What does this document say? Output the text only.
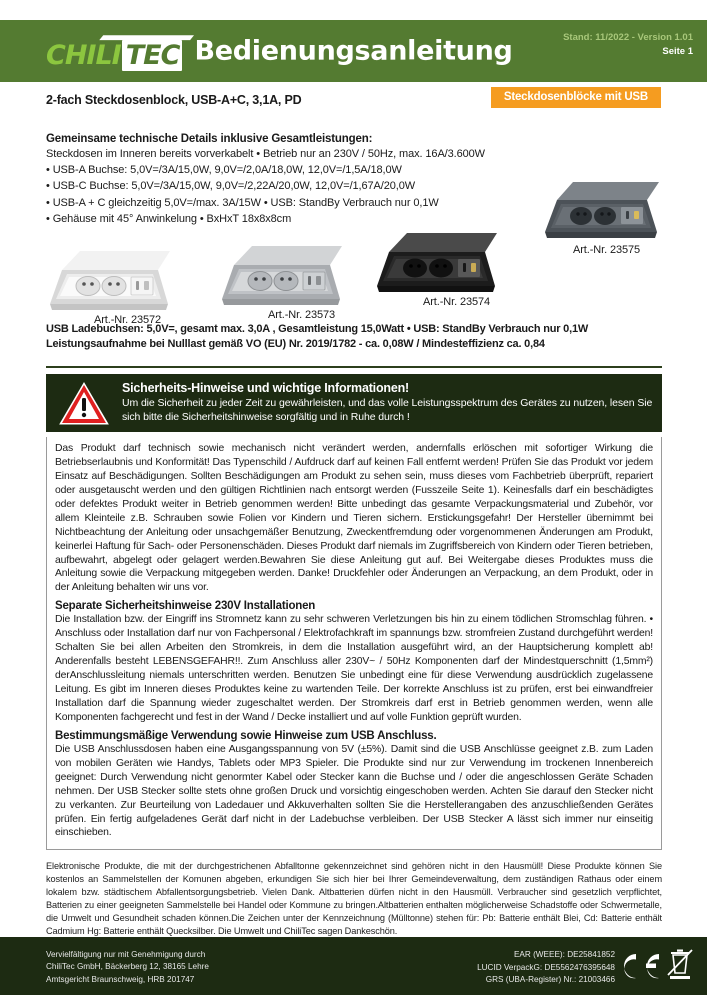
CHILI TEC Bedienungsanleitung	Stand: 11/2022 - Version 1.01
Seite 1
2-fach Steckdosenblock, USB-A+C, 3,1A, PD	Steckdosenblöcke mit USB
Gemeinsame technische Details inklusive Gesamtleistungen:

Steckdosen im Inneren bereits vorverkabelt • Betrieb nur an 230V / 50Hz, max. 16A/3.600W

• USB-A Buchse: 5,0V=/3A/15,0W, 9,0V=/2,0A/18,0W, 12,0V=/1,5A/18,0W

• USB-C Buchse: 5,0V=/3A/15,0W, 9,0V=/2,22A/20,0W, 12,0V=/1,67A/20,0W

• USB-A + C gleichzeitig 5,0V=/max. 3A/15W • USB: StandBy Verbrauch nur 0,1W

• Gehäuse mit 45° Anwinkelung • BxHxT 18x8x8cm

Art.-Nr. 23575
Art.-Nr. 23572	Art.-Nr. 23573
Art.-Nr. 23574

USB Ladebuchsen: 5,0V=, gesamt max. 3,0A , Gesamtleistung 15,0Watt • USB: StandBy Verbrauch nur 0,1W

Leistungsaufnahme bei Nulllast gemäß VO (EU) Nr. 2019/1782 - ca. 0,08W / Mindesteffizienz ca. 0,84

Sicherheits-Hinweise und wichtige Informationen!

Um die Sicherheit zu jeder Zeit zu gewährleisten, und das volle Leistungsspektrum des Gerätes zu nutzen, lesen Sie sich bitte die Sicherheitshinweise sorgfältig und in Ruhe durch !

Das Produkt darf technisch sowie mechanisch nicht verändert werden, andernfalls erlöschen mit sofortiger Wirkung die Betriebserlaubnis und Konformität! Das Typenschild / Aufdruck darf auf keinen Fall entfernt werden! Prüfen Sie das Produkt vor jedem Einsatz auf Beschädigungen. Sollten Beschädigungen am Produkt zu sehen sein, muss dieses vom Fachbetrieb überprüft, repariert oder ausgetauscht werden und den gültigen Richtlinien nach entsorgt werden (Fusszeile Seite 1). Keinesfalls darf ein beschädigtes oder defektes Produkt weiter in Betrieb genommen werden! Bitte unbedingt das gesamte Verpackungsmaterial und Zubehör, vor allem Kleinteile z.B. Schrauben sowie Folien vor Kindern und Tieren sichern. Erstickungsgefahr! Der Hersteller übernimmt bei Nichtbeachtung der Anleitung oder unsachgemäßer Benutzung, Zweckentfremdung oder vorgenommenen Änderungen am Produkt, keinerlei Haftung für Sach- oder Personenschäden. Dieses Produkt darf niemals im Zugriffsbereich von Kindern oder Tieren betrieben, aufbewahrt, abgelegt oder gelagert werden.Bewahren Sie diese Anleitung gut auf. Bei Weitergabe dieses Produktes muss die Anleitung sowie die Verpackung mitgegeben werden. Danke! Druckfehler oder Änderungen an Verpackung, an dem Produkt, oder in der Anleitung behalten wir uns vor.

Separate Sicherheitshinweise 230V Installationen

Die Installation bzw. der Eingriff ins Stromnetz kann zu sehr schweren Verletzungen bis hin zu einem tödlichen Stromschlag führen. • Anschluss oder Installation darf nur von Fachpersonal / Elektrofachkraft im spannungs bzw. stromfreien Zustand durchgeführt werden! Schalten Sie bei allen Arbeiten den Stromkreis, in dem die Installation ausgeführt wird, an der Hauptsicherung komplett ab! Anderenfalls besteht LEBENSGEFAHR!!. Zum Anschluss aller 230V~ / 50Hz Komponenten darf der Mindestquerschnitt (1,5mm²) derAnschlussleitung niemals unterschritten werden. Benutzen Sie unbedingt eine für diese Verwendung ausdrücklich zugelassene Leitung. Es gibt im Inneren dieses Produktes keine zu wartenden Teile. Der korrekte Anschluss ist zu prüfen, erst bei einwandfreier Installation darf die Spannung wieder zugeschaltet werden. Der Stromkreis darf erst in Betrieb genommen werden, wenn alle Komponenten fachgerecht und fest in der Wand / Decke installiert und auf volle Funktion geprüft wurden.

Bestimmungsmäßige Verwendung sowie Hinweise zum USB Anschluss.

Die USB Anschlussdosen haben eine Ausgangsspannung von 5V (±5%). Damit sind die USB Anschlüsse geeignet z.B. zum Laden von mobilen Geräten wie Handys, Tablets oder MP3 Spieler. Die Produkte sind nur zur Verwendung im trockenen Innenbereich geeignet: Durch Verwendung nicht genormter Kabel oder Stecker kann die Buchse und / oder die angeschlossen Geräte Schaden nehmen. Der USB Stecker sollte stets ohne großen Druck und vorsichtig eingeschoben werden. Achten Sie darauf den Stecker nicht zu verkanten. Zur Beurteilung von Ladedauer und Akkuverhalten sollten Sie die Herstellerangaben des anzuschließenden Gerätes prüfen. Ein fertig aufgeladenes Gerät darf nicht in der Ladebuchse verbleiben. Der USB Stecker A lässt sich immer nur einseitig einschieben.

Elektronische Produkte, die mit der durchgestrichenen Abfalltonne gekennzeichnet sind gehören nicht in den Hausmüll! Diese Produkte können Sie kostenlos an Sammelstellen der Komunen abgeben, erkundigen Sie sich hier bei Ihrer Gemeindeverwaltung, dem zuständigen Rathaus oder einem lokalem bzw. städtischem Abfallentsorgungsbetrieb. Vielen Dank. Altbatterien dürfen nicht in den Hausmüll. Verbraucher sind gesetzlich verpflichtet, Batterien zu einer geeigneten Sammelstelle bei Handel oder Kommune zu bringen.Altbatterien enthalten möglicherweise Schadstoffe oder Schwermetalle, die Umwelt und Gesundheit schaden können.Die Zeichen unter der Kennzeichnung (Mülltonne) stehen für: Pb: Batterie enthält Blei, Cd: Batterie enthält Cadmium Hg: Batterie enthält Quecksilber. Die Umwelt und ChiliTec sagen Dankeschön.

Vervielfältigung nur mit Genehmigung durch
ChiliTec GmbH, Bäckerberg 12, 38165 Lehre
Amtsgericht Braunschweig, HRB 201747
EAR (WEEE): DE25841852
LUCID VerpackG: DE5562476395648
GRS (UBA-Register) Nr.: 21003466
